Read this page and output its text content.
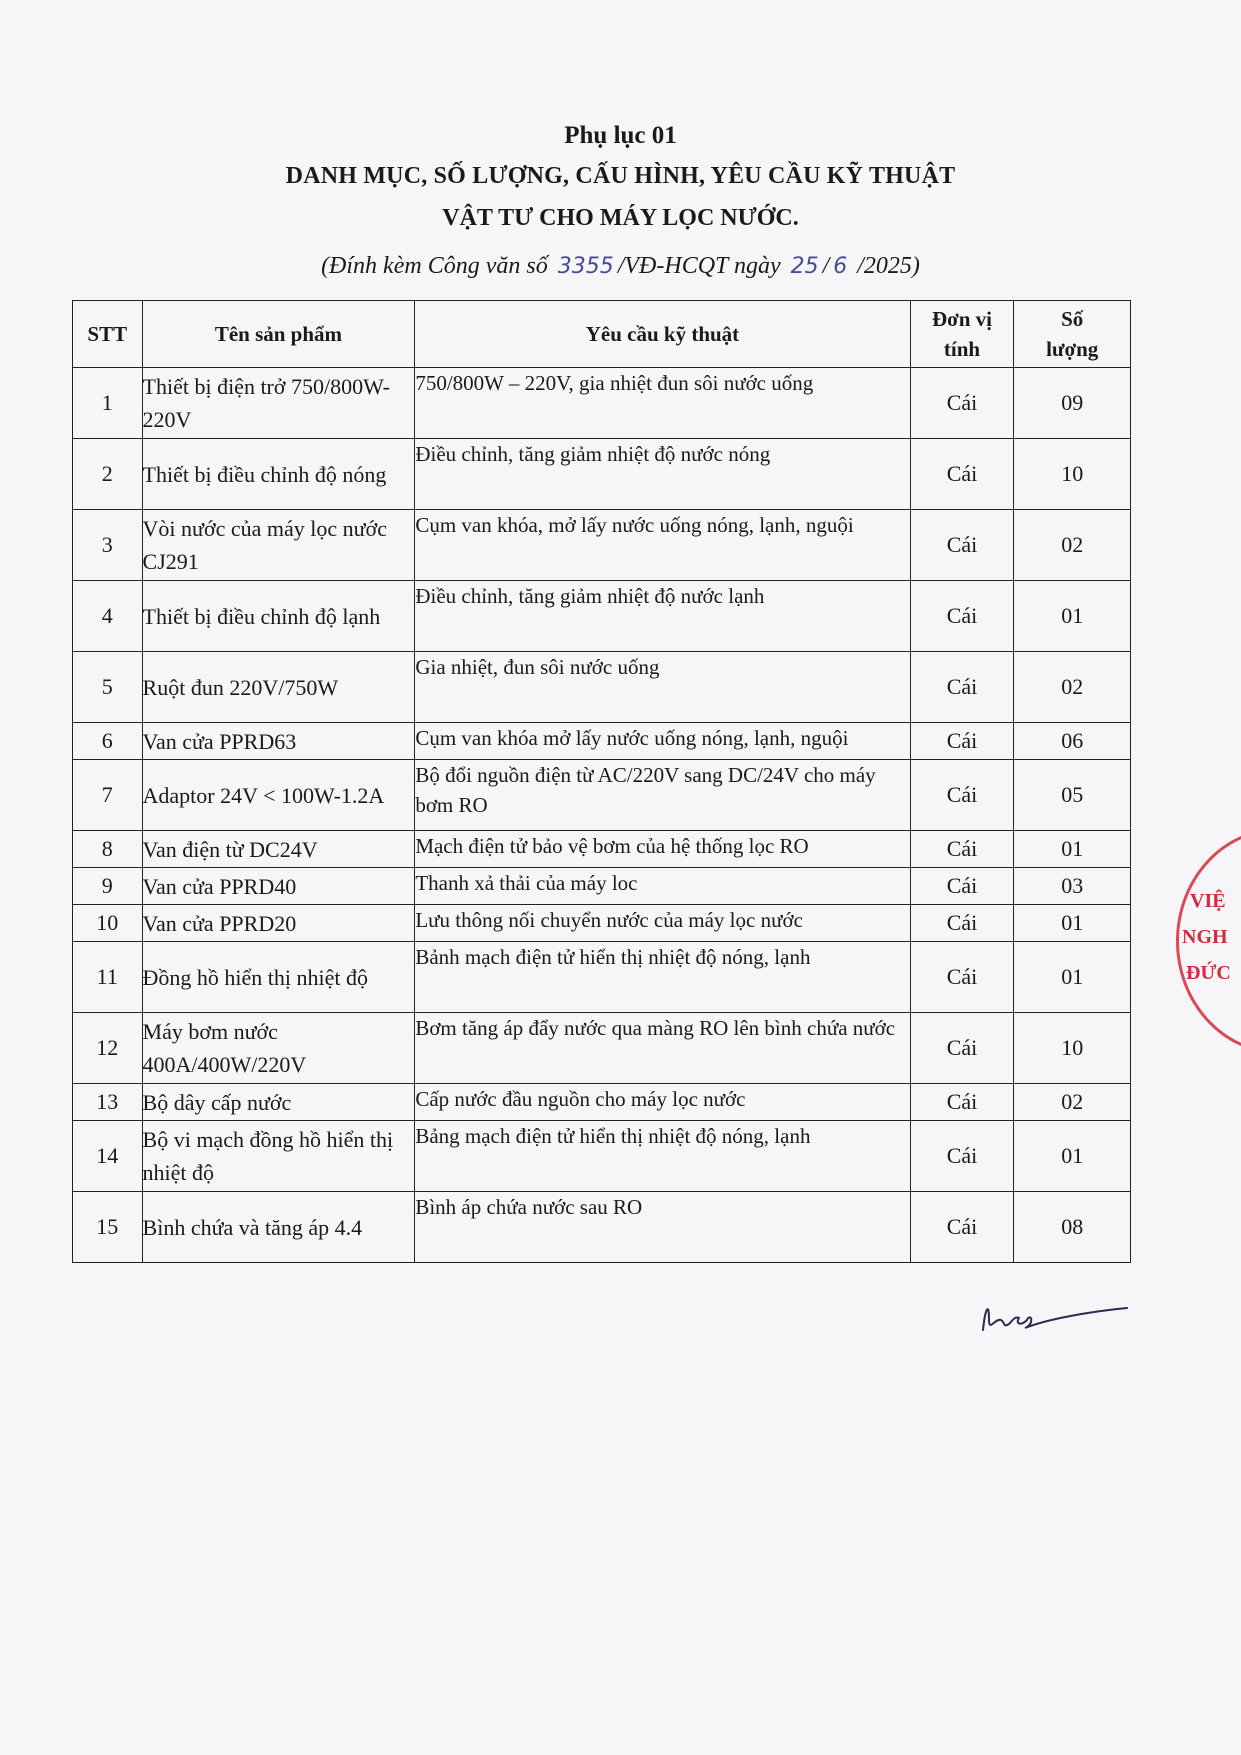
Phụ lục 01
DANH MỤC, SỐ LƯỢNG, CẤU HÌNH, YÊU CẦU KỸ THUẬT
VẬT TƯ CHO MÁY LỌC NƯỚC.
(Đính kèm Công văn số 3355 /VĐ-HCQT ngày 25 / 6 /2025)
STT	Tên sản phẩm	Yêu cầu kỹ thuật	Đơn vị tính	Số lượng
1	Thiết bị điện trở 750/800W-220V	750/800W – 220V, gia nhiệt đun sôi nước uống	Cái	09
2	Thiết bị điều chỉnh độ nóng	Điều chỉnh, tăng giảm nhiệt độ nước nóng	Cái	10
3	Vòi nước của máy lọc nước CJ291	Cụm van khóa, mở lấy nước uống nóng, lạnh, nguội	Cái	02
4	Thiết bị điều chỉnh độ lạnh	Điều chỉnh, tăng giảm nhiệt độ nước lạnh	Cái	01
5	Ruột đun 220V/750W	Gia nhiệt, đun sôi nước uống	Cái	02
6	Van cửa PPRD63	Cụm van khóa mở lấy nước uống nóng, lạnh, nguội	Cái	06
7	Adaptor 24V < 100W-1.2A	Bộ đổi nguồn điện từ AC/220V sang DC/24V cho máy bơm RO	Cái	05
8	Van điện từ DC24V	Mạch điện tử bảo vệ bơm của hệ thống lọc RO	Cái	01
9	Van cửa PPRD40	Thanh xả thải của máy loc	Cái	03
10	Van cửa PPRD20	Lưu thông nối chuyển nước của máy lọc nước	Cái	01
11	Đồng hồ hiển thị nhiệt độ	Bảnh mạch điện tử hiển thị nhiệt độ nóng, lạnh	Cái	01
12	Máy bơm nước 400A/400W/220V	Bơm tăng áp đẩy nước qua màng RO lên bình chứa nước	Cái	10
13	Bộ dây cấp nước	Cấp nước đầu nguồn cho máy lọc nước	Cái	02
14	Bộ vi mạch đồng hồ hiển thị nhiệt độ	Bảng mạch điện tử hiển thị nhiệt độ nóng, lạnh	Cái	01
15	Bình chứa và tăng áp 4.4	Bình áp chứa nước sau RO	Cái	08
VIỆ
NGH
ĐỨC
